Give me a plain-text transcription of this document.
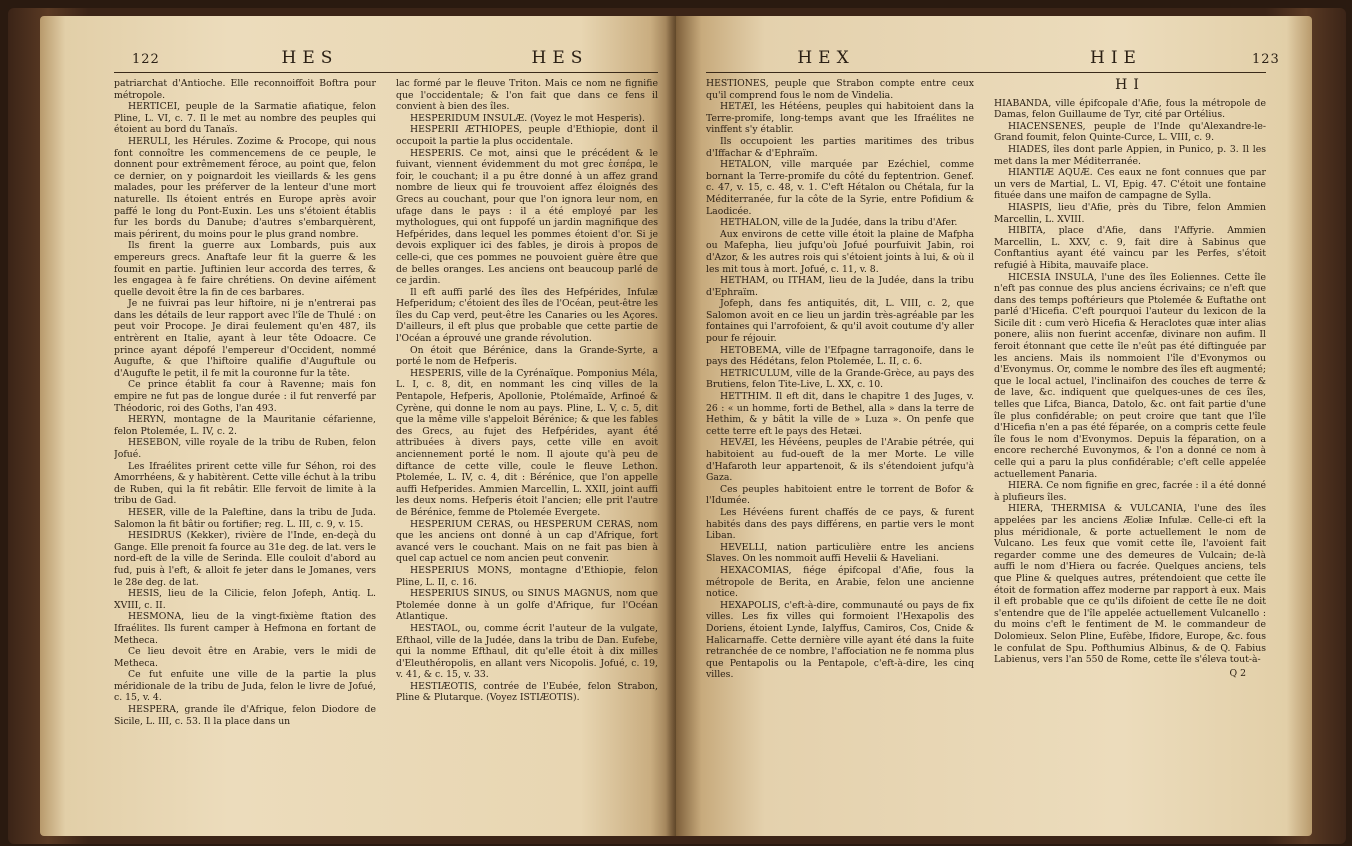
122	HES	HES

patriarchat d'Antioche. Elle reconnoiffoit Boftra pour métropole.

HERTICEI, peuple de la Sarmatie afiatique, felon Pline, L. VI, c. 7. Il le met au nombre des peuples qui étoient au bord du Tanaïs.

HERULI, les Hérules. Zozime & Procope, qui nous font connoître les commencemens de ce peuple, le donnent pour extrêmement féroce, au point que, felon ce dernier, on y poignardoit les vieillards & les gens malades, pour les préferver de la lenteur d'une mort naturelle. Ils étoient entrés en Europe après avoir paffé le long du Pont-Euxin. Les uns s'étoient établis fur les bords du Danube; d'autres s'embarquèrent, mais périrent, du moins pour le plus grand nombre.

Ils firent la guerre aux Lombards, puis aux empereurs grecs. Anaftafe leur fit la guerre & les foumit en partie. Juftinien leur accorda des terres, & les engagea à fe faire chrétiens. On devine aifément quelle devoit être la fin de ces barbares.

Je ne fuivrai pas leur hiftoire, ni je n'entrerai pas dans les détails de leur rapport avec l'île de Thulé : on peut voir Procope. Je dirai feulement qu'en 487, ils entrèrent en Italie, ayant à leur tête Odoacre. Ce prince ayant dépofé l'empereur d'Occident, nommé Augufte, & que l'hiftoire qualifie d'Auguftule ou d'Augufte le petit, il fe mit la couronne fur la tête.

Ce prince établit fa cour à Ravenne; mais fon empire ne fut pas de longue durée : il fut renverfé par Théodoric, roi des Goths, l'an 493.

HERYN, montagne de la Mauritanie céfarienne, felon Ptolemée, L. IV, c. 2.

HESEBON, ville royale de la tribu de Ruben, felon Jofué.

Les Ifraélites prirent cette ville fur Séhon, roi des Amorrhéens, & y habitèrent. Cette ville échut à la tribu de Ruben, qui la fit rebâtir. Elle fervoit de limite à la tribu de Gad.

HESER, ville de la Paleftine, dans la tribu de Juda. Salomon la fit bâtir ou fortifier; reg. L. III, c. 9, v. 15.

HESIDRUS (Kekker), rivière de l'Inde, en-deçà du Gange. Elle prenoit fa fource au 31e deg. de lat. vers le nord-eft de la ville de Serinda. Elle couloit d'abord au fud, puis à l'eft, & alloit fe jeter dans le Jomanes, vers le 28e deg. de lat.

HESIS, lieu de la Cilicie, felon Jofeph, Antiq. L. XVIII, c. II.

HESMONA, lieu de la vingt-fixième ftation des Ifraélites. Ils furent camper à Hefmona en fortant de Metheca.

Ce lieu devoit être en Arabie, vers le midi de Metheca.

Ce fut enfuite une ville de la partie la plus méridionale de la tribu de Juda, felon le livre de Jofué, c. 15, v. 4.

HESPERA, grande île d'Afrique, felon Diodore de Sicile, L. III, c. 53. Il la place dans un

lac formé par le fleuve Triton. Mais ce nom ne fignifie que l'occidentale; & l'on fait que dans ce fens il convient à bien des îles.

HESPERIDUM INSULÆ. (Voyez le mot Hesperis).

HESPERII ÆTHIOPES, peuple d'Ethiopie, dont il occupoit la partie la plus occidentale.

HESPERIS. Ce mot, ainsi que le précédent & le fuivant, viennent évidemment du mot grec ἑσπέρα, le foir, le couchant; il a pu être donné à un affez grand nombre de lieux qui fe trouvoient affez éloignés des Grecs au couchant, pour que l'on ignora leur nom, en ufage dans le pays : il a été employé par les mythologues, qui ont fuppofé un jardin magnifique des Hefpérides, dans lequel les pommes étoient d'or. Si je devois expliquer ici des fables, je dirois à propos de celle-ci, que ces pommes ne pouvoient guère être que de belles oranges. Les anciens ont beaucoup parlé de ce jardin.

Il eft auffi parlé des îles des Hefpérides, Infulæ Hefperidum; c'étoient des îles de l'Océan, peut-être les îles du Cap verd, peut-être les Canaries ou les Açores. D'ailleurs, il eft plus que probable que cette partie de l'Océan a éprouvé une grande révolution.

On étoit que Bérénice, dans la Grande-Syrte, a porté le nom de Hefperis.

HESPERIS, ville de la Cyrénaïque. Pomponius Méla, L. I, c. 8, dit, en nommant les cinq villes de la Pentapole, Hefperis, Apollonie, Ptolémaïde, Arfinoé & Cyrène, qui donne le nom au pays. Pline, L. V, c. 5, dit que la même ville s'appeloit Bérénice; & que les fables des Grecs, au fujet des Hefpérides, ayant été attribuées à divers pays, cette ville en avoit anciennement porté le nom. Il ajoute qu'à peu de diftance de cette ville, coule le fleuve Lethon. Ptolemée, L. IV, c. 4, dit : Bérénice, que l'on appelle auffi Hefperides. Ammien Marcellin, L. XXII, joint auffi les deux noms. Hefperis étoit l'ancien; elle prit l'autre de Bérénice, femme de Ptolemée Evergete.

HESPERIUM CERAS, ou HESPERUM CERAS, nom que les anciens ont donné à un cap d'Afrique, fort avancé vers le couchant. Mais on ne fait pas bien à quel cap actuel ce nom ancien peut convenir.

HESPERIUS MONS, montagne d'Ethiopie, felon Pline, L. II, c. 16.

HESPERIUS SINUS, ou SINUS MAGNUS, nom que Ptolemée donne à un golfe d'Afrique, fur l'Océan Atlantique.

HESTAOL, ou, comme écrit l'auteur de la vulgate, Efthaol, ville de la Judée, dans la tribu de Dan. Eufebe, qui la nomme Efthaul, dit qu'elle étoit à dix milles d'Eleuthéropolis, en allant vers Nicopolis. Jofué, c. 19, v. 41, & c. 15, v. 33.

HESTIÆOTIS, contrée de l'Eubée, felon Strabon, Pline & Plutarque. (Voyez ISTIÆOTIS).

HEX	HIE	123

HESTIONES, peuple que Strabon compte entre ceux qu'il comprend fous le nom de Vindelia.

HETÆI, les Hétéens, peuples qui habitoient dans la Terre-promife, long-temps avant que les Ifraélites ne vinffent s'y établir.

Ils occupoient les parties maritimes des tribus d'Iffachar & d'Ephraïm.

HETALON, ville marquée par Ezéchiel, comme bornant la Terre-promife du côté du feptentrion. Genef. c. 47, v. 15, c. 48, v. 1. C'eft Hétalon ou Chétala, fur la Méditerranée, fur la côte de la Syrie, entre Pofidium & Laodicée.

HETHALON, ville de la Judée, dans la tribu d'Afer.

Aux environs de cette ville étoit la plaine de Mafpha ou Mafepha, lieu jufqu'où Jofué pourfuivit Jabin, roi d'Azor, & les autres rois qui s'étoient joints à lui, & où il les mit tous à mort. Jofué, c. 11, v. 8.

HETHAM, ou ITHAM, lieu de la Judée, dans la tribu d'Ephraïm.

Jofeph, dans fes antiquités, dit, L. VIII, c. 2, que Salomon avoit en ce lieu un jardin très-agréable par les fontaines qui l'arrofoient, & qu'il avoit coutume d'y aller pour fe réjouir.

HETOBEMA, ville de l'Efpagne tarragonoife, dans le pays des Hédétans, felon Ptolemée, L. II, c. 6.

HETRICULUM, ville de la Grande-Grèce, au pays des Brutiens, felon Tite-Live, L. XX, c. 10.

HETTHIM. Il eft dit, dans le chapitre 1 des Juges, v. 26 : « un homme, forti de Bethel, alla » dans la terre de Hethim, & y bâtit la ville de » Luza ». On penfe que cette terre eft le pays des Hetæi.

HEVÆI, les Hévéens, peuples de l'Arabie pétrée, qui habitoient au fud-oueft de la mer Morte. Le ville d'Hafaroth leur appartenoit, & ils s'étendoient jufqu'à Gaza.

Ces peuples habitoient entre le torrent de Bofor & l'Idumée.

Les Hévéens furent chaffés de ce pays, & furent habités dans des pays différens, en partie vers le mont Liban.

HEVELLI, nation particulière entre les anciens Slaves. On les nommoit auffi Hevelii & Haveliani.

HEXACOMIAS, fiége épifcopal d'Afie, fous la métropole de Berita, en Arabie, felon une ancienne notice.

HEXAPOLIS, c'eft-à-dire, communauté ou pays de fix villes. Les fix villes qui formoient l'Hexapolis des Doriens, étoient Lynde, Ialyffus, Camiros, Cos, Cnide & Halicarnaffe. Cette dernière ville ayant été dans la fuite retranchée de ce nombre, l'affociation ne fe nomma plus que Pentapolis ou la Pentapole, c'eft-à-dire, les cinq villes.

HI

HIABANDA, ville épifcopale d'Afie, fous la métropole de Damas, felon Guillaume de Tyr, cité par Ortélius.

HIACENSENES, peuple de l'Inde qu'Alexandre-le-Grand foumit, felon Quinte-Curce, L. VIII, c. 9.

HIADES, îles dont parle Appien, in Punico, p. 3. Il les met dans la mer Méditerranée.

HIANTIÆ AQUÆ. Ces eaux ne font connues que par un vers de Martial, L. VI, Epig. 47. C'étoit une fontaine fituée dans une maifon de campagne de Sylla.

HIASPIS, lieu d'Afie, près du Tibre, felon Ammien Marcellin, L. XVIII.

HIBITA, place d'Afie, dans l'Affyrie. Ammien Marcellin, L. XXV, c. 9, fait dire à Sabinus que Conftantius ayant été vaincu par les Perfes, s'étoit refugié à Hibita, mauvaife place.

HICESIA INSULA, l'une des îles Eoliennes. Cette île n'eft pas connue des plus anciens écrivains; ce n'eft que dans des temps poftérieurs que Ptolemée & Euftathe ont parlé d'Hicefia. C'eft pourquoi l'auteur du lexicon de la Sicile dit : cum verò Hicefia & Heraclotes quæ inter alias ponere, aliis non fuerint accenfæ, divinare non aufim. Il feroit étonnant que cette île n'eût pas été diftinguée par les anciens. Mais ils nommoient l'île d'Evonymos ou d'Evonymus. Or, comme le nombre des îles eft augmenté; que le local actuel, l'inclinaifon des couches de terre & de lave, &c. indiquent que quelques-unes de ces îles, telles que Lifca, Bianca, Datolo, &c. ont fait partie d'une île plus confidérable; on peut croire que tant que l'île d'Hicefia n'en a pas été féparée, on a compris cette feule île fous le nom d'Evonymos. Depuis la féparation, on a encore recherché Euvonymos, & l'on a donné ce nom à celle qui a paru la plus confidérable; c'eft celle appelée actuellement Panaria.

HIERA. Ce nom fignifie en grec, facrée : il a été donné à plufieurs îles.

HIERA, THERMISA & VULCANIA, l'une des îles appelées par les anciens Æoliæ Infulæ. Celle-ci eft la plus méridionale, & porte actuellement le nom de Vulcano. Les feux que vomit cette île, l'avoient fait regarder comme une des demeures de Vulcain; de-là auffi le nom d'Hiera ou facrée. Quelques anciens, tels que Pline & quelques autres, prétendoient que cette île étoit de formation affez moderne par rapport à eux. Mais il eft probable que ce qu'ils difoient de cette île ne doit s'entendre que de l'île appelée actuellement Vulcanello : du moins c'eft le fentiment de M. le commandeur de Dolomieux. Selon Pline, Eufèbe, Ifidore, Europe, &c. fous le confulat de Spu. Pofthumius Albinus, & de Q. Fabius Labienus, vers l'an 550 de Rome, cette île s'éleva tout-à-

Q 2
